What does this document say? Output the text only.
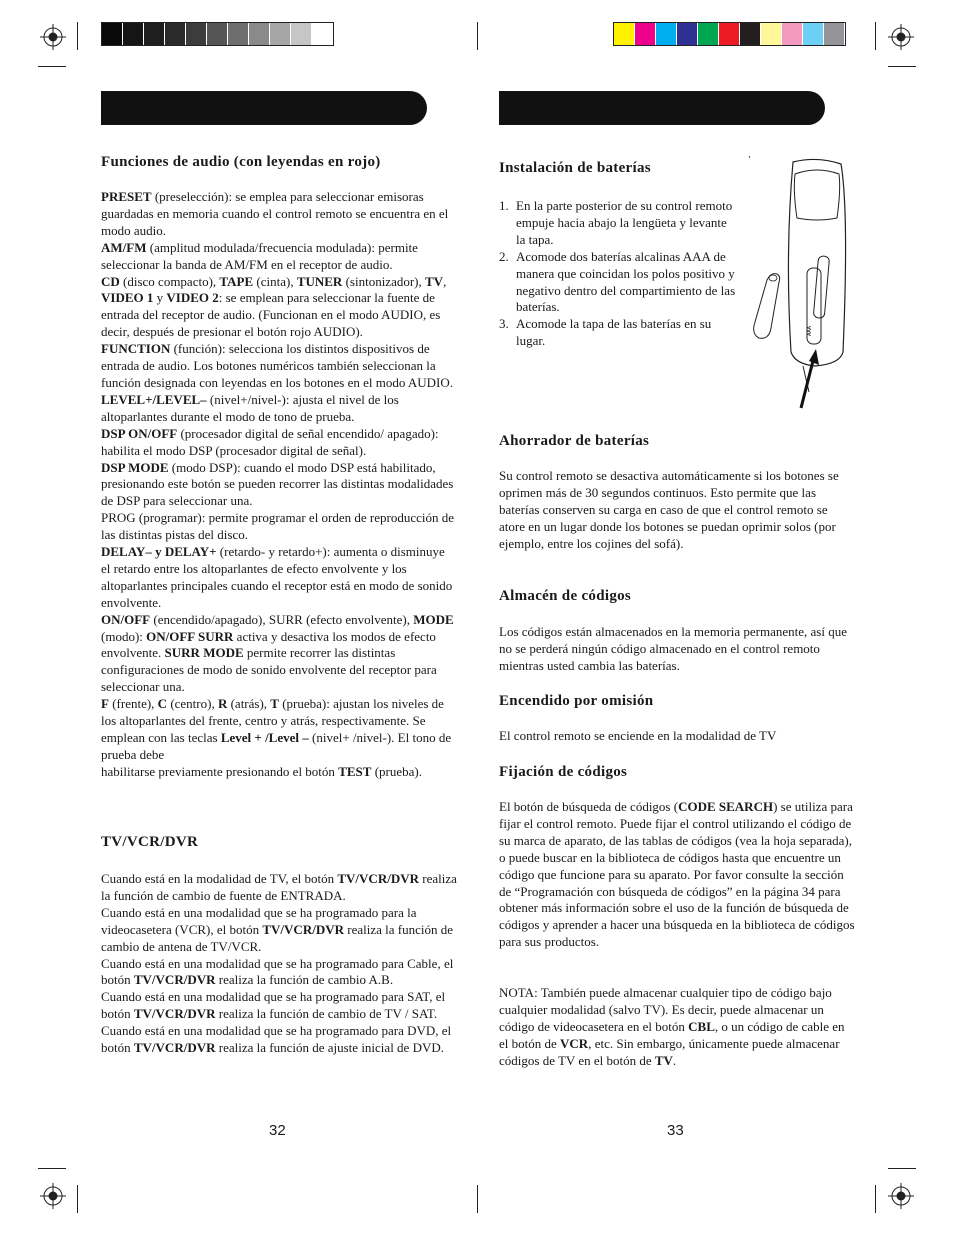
Funciones de audio (con leyendas en rojo)

PRESET (preselección): se emplea para seleccionar emisoras guardadas en memoria cuando el control remoto se encuentra en el modo audio.

AM/FM (amplitud modulada/frecuencia modulada): permite seleccionar la banda de AM/FM en el receptor de audio.

CD (disco compacto), TAPE (cinta), TUNER (sintonizador), TV, VIDEO 1 y VIDEO 2: se emplean para seleccionar la fuente de entrada del receptor de audio. (Funcionan en el modo AUDIO, es decir, después de presionar el botón rojo AUDIO).

FUNCTION (función): selecciona los distintos dispositivos de entrada de audio. Los botones numéricos también seleccionan la función designada con leyendas en los botones en el modo AUDIO.

LEVEL+/LEVEL– (nivel+/nivel-): ajusta el nivel de los altoparlantes durante el modo de tono de prueba.

DSP ON/OFF (procesador digital de señal encendido/ apagado): habilita el modo DSP (procesador digital de señal).

DSP MODE (modo DSP): cuando el modo DSP está habilitado, presionando este botón se pueden recorrer las distintas modalidades de DSP para seleccionar una.

PROG (programar): permite programar el orden de reproducción de las distintas pistas del disco.

DELAY– y DELAY+ (retardo- y retardo+): aumenta o disminuye el retardo entre los altoparlantes de efecto envolvente y los altoparlantes principales cuando el receptor está en modo de sonido envolvente.

ON/OFF (encendido/apagado), SURR (efecto envolvente), MODE (modo): ON/OFF SURR activa y desactiva los modos de efecto envolvente. SURR MODE permite recorrer las distintas configuraciones de modo de sonido envolvente del receptor para seleccionar una.

F (frente), C (centro), R (atrás), T (prueba): ajustan los niveles de los altoparlantes del frente, centro y atrás, respectivamente. Se emplean con las teclas Level + /Level – (nivel+ /nivel-). El tono de prueba debe

habilitarse previamente presionando el botón TEST (prueba).

TV/VCR/DVR

Cuando está en la modalidad de TV, el botón TV/VCR/DVR realiza la función de cambio de fuente de ENTRADA.

Cuando está en una modalidad que se ha programado para la videocasetera (VCR), el botón TV/VCR/DVR realiza la función de cambio de antena de TV/VCR.

Cuando está en una modalidad que se ha programado para Cable, el botón TV/VCR/DVR realiza la función de cambio A.B.

Cuando está en una modalidad que se ha programado para SAT, el botón TV/VCR/DVR realiza la función de cambio de TV / SAT.

Cuando está en una modalidad que se ha programado para DVD, el botón TV/VCR/DVR realiza la función de ajuste inicial de DVD.

32
Instalación de baterías
1. En la parte posterior de su control remoto empuje hacia abajo la lengüeta y levante la tapa.
2. Acomode dos baterías alcalinas AAA de manera que coincidan los polos positivo y negativo dentro del compartimiento de las baterías.
3. Acomode la tapa de las baterías en su lugar.
AAA
Ahorrador de baterías
Su control remoto se desactiva automáticamente si los botones se oprimen más de 30 segundos continuos. Esto permite que las baterías conserven su carga en caso de que el control remoto se atore en un lugar donde los botones se puedan oprimir solos (por ejemplo, entre los cojines del sofá).
Almacén de códigos
Los códigos están almacenados en la memoria permanente, así que no se perderá ningún código almacenado en el control remoto mientras usted cambia las baterías.
Encendido por omisión
El control remoto se enciende en la modalidad de TV
Fijación de códigos
El botón de búsqueda de códigos (CODE SEARCH) se utiliza para fijar el control remoto. Puede fijar el control utilizando el código de su marca de aparato, de las tablas de códigos (vea la hoja separada), o puede buscar en la biblioteca de códigos hasta que encuentre un código que funcione para su aparato. Por favor consulte la sección de “Programación con búsqueda de códigos” en la página 34 para obtener más información sobre el uso de la función de búsqueda de códigos y aprender a hacer una búsqueda en la biblioteca de códigos para sus productos.
NOTA: También puede almacenar cualquier tipo de código bajo cualquier modalidad (salvo TV). Es decir, puede almacenar un código de videocasetera en el botón CBL, o un código de cable en el botón de VCR, etc. Sin embargo, únicamente puede almacenar códigos de TV en el botón de TV.
33
